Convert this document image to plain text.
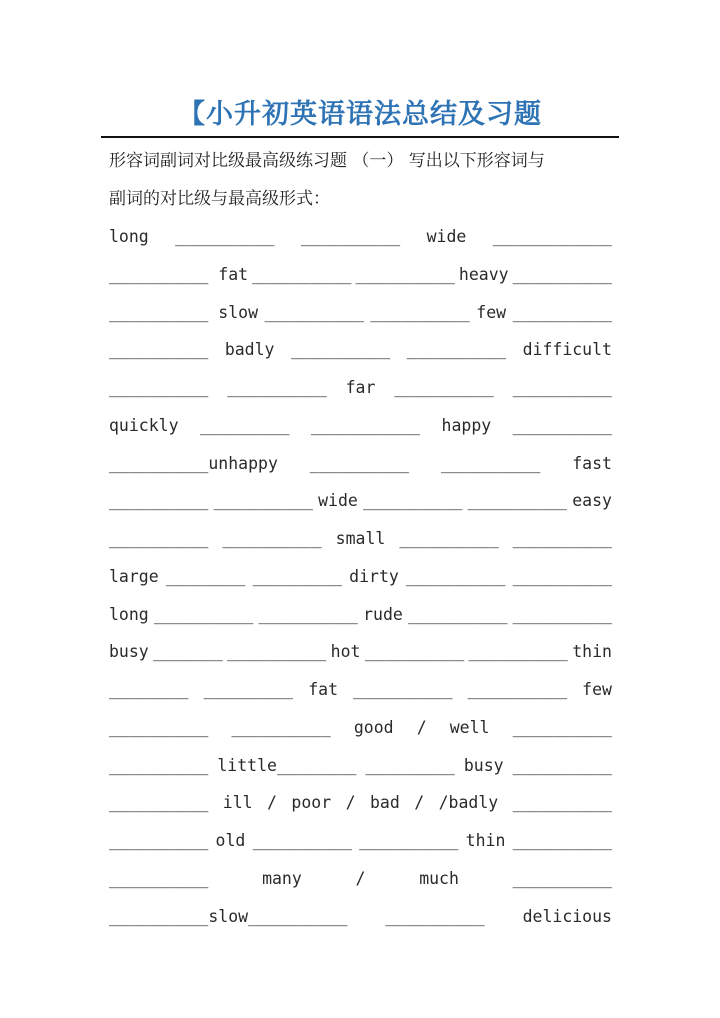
【小升初英语语法总结及习题
形容词副词对比级最高级练习题 （一） 写出以下形容词与
副词的对比级与最高级形式：
long __________ __________ wide ____________
__________ fat __________ __________ heavy __________
__________ slow __________ __________ few __________
__________ badly __________ __________ difficult
__________ __________ far __________ __________
quickly _________ ___________ happy __________
__________unhappy __________ __________ fast
__________ __________ wide __________ __________ easy
__________ __________ small __________ __________
large ________ _________ dirty __________ __________
long __________ __________ rude __________ __________
busy _______ __________ hot __________ __________ thin
________ _________ fat __________ __________ few
__________ __________ good / well __________
__________ little________ _________ busy __________
__________ ill / poor / bad / /badly __________
__________ old __________ __________ thin __________
__________	many	/	much	__________
__________slow__________ __________ delicious
